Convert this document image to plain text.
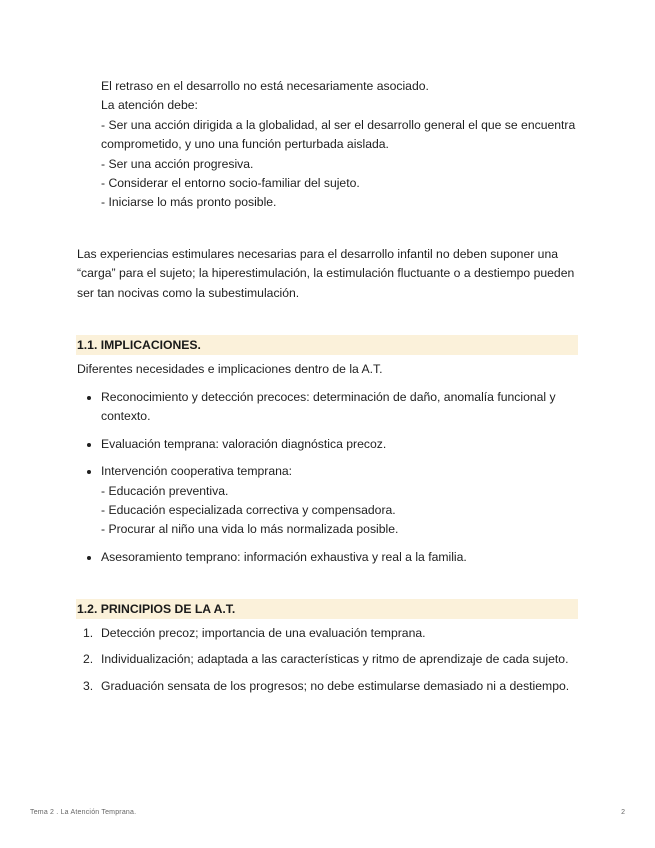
El retraso en el desarrollo no está necesariamente asociado.

La atención debe:

- Ser una acción dirigida a la globalidad, al ser el desarrollo general el que se encuentra comprometido, y uno una función perturbada aislada.

- Ser una acción progresiva.

- Considerar el entorno socio-familiar del sujeto.

- Iniciarse lo más pronto posible.

Las experiencias estimulares necesarias para el desarrollo infantil no deben suponer una “carga” para el sujeto; la hiperestimulación, la estimulación fluctuante o a destiempo pueden ser tan nocivas como la subestimulación.

1.1. IMPLICACIONES.

Diferentes necesidades e implicaciones dentro de la A.T.

Reconocimiento y detección precoces: determinación de daño, anomalía funcional y contexto.
Evaluación temprana: valoración diagnóstica precoz.
Intervención cooperativa temprana:
- Educación preventiva.
- Educación especializada correctiva y compensadora.
- Procurar al niño una vida lo más normalizada posible.
Asesoramiento temprano: información exhaustiva y real a la familia.
1.2. PRINCIPIOS DE LA A.T.
1. Detección precoz; importancia de una evaluación temprana.
2. Individualización; adaptada a las características y ritmo de aprendizaje de cada sujeto.
3. Graduación sensata de los progresos; no debe estimularse demasiado ni a destiempo.
Tema 2 . La Atención Temprana.	2
